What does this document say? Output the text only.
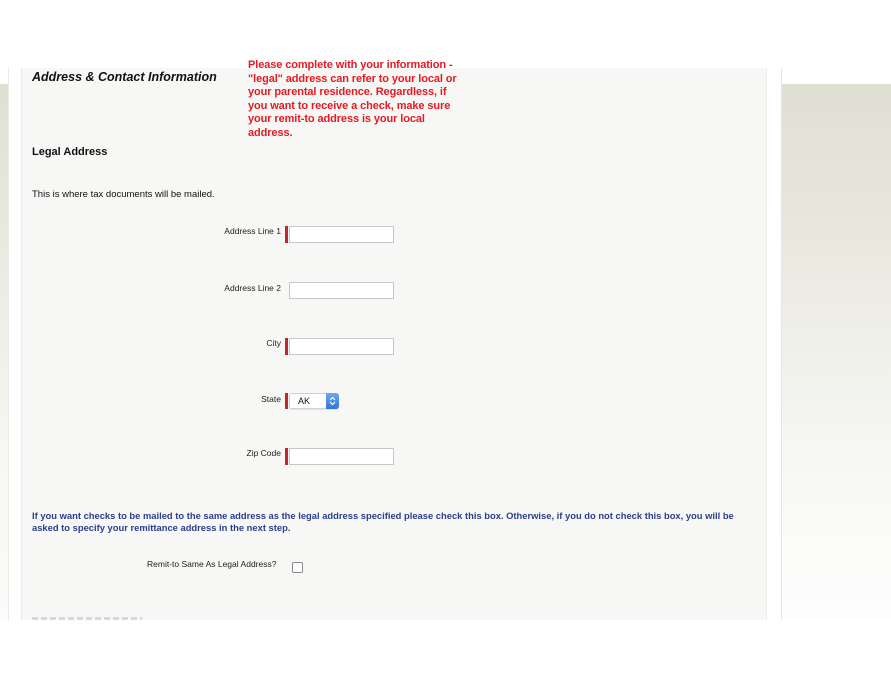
Address & Contact Information
Please complete with your information - "legal" address can refer to your local or your parental residence. Regardless, if you want to receive a check, make sure your remit-to address is your local address.
Legal Address
This is where tax documents will be mailed.
Address Line 1
Address Line 2
City
State AK
Zip Code
If you want checks to be mailed to the same address as the legal address specified please check this box. Otherwise, if you do not check this box, you will be asked to specify your remittance address in the next step.
Remit-to Same As Legal Address?
